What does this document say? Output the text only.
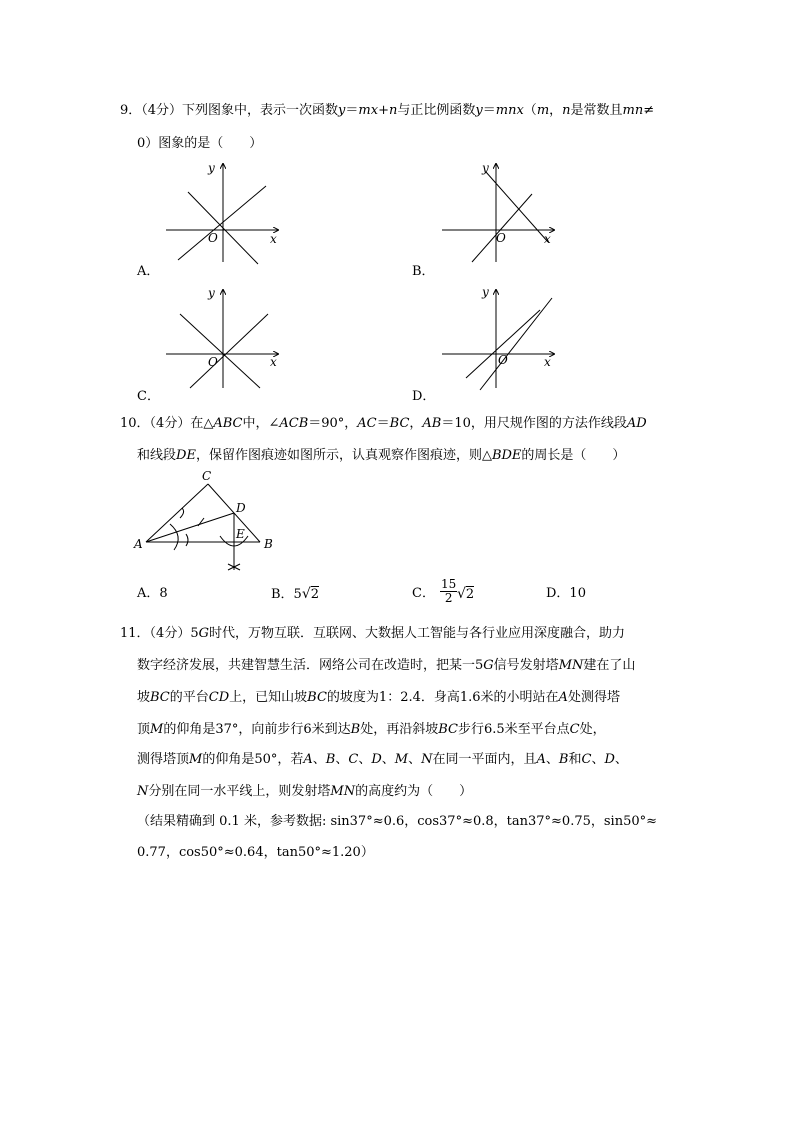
9．（4分）下列图象中，表示一次函数y＝mx+n与正比例函数y＝mnx（m，n是常数且mn≠
0）图象的是（　　）
y
O	x
A．
y
O	x
B．
y
O	x
C．
y
O	x
D．
10．（4分）在△ABC中，∠ACB＝90°，AC＝BC，AB＝10，用尺规作图的方法作线段AD
和线段DE，保留作图痕迹如图所示，认真观察作图痕迹，则△BDE的周长是（　　）
C
D
E
A	B
A．8	B．5√2	C． $\frac{15}{2} √2$	D．10
11．（4分）5G时代，万物互联．互联网、大数据人工智能与各行业应用深度融合，助力
数字经济发展，共建智慧生活．网络公司在改造时，把某一5G信号发射塔MN建在了山
坡BC的平台CD上，已知山坡BC的坡度为1：2.4．身高1.6米的小明站在A处测得塔
顶M的仰角是37°，向前步行6米到达B处，再沿斜坡BC步行6.5米至平台点C处，
测得塔顶M的仰角是50°，若A、B、C、D、M、N在同一平面内，且A、B和C、D、
N分别在同一水平线上，则发射塔MN的高度约为（　　）
（结果精确到 0.1 米，参考数据: sin37°≈0.6，cos37°≈0.8，tan37°≈0.75，sin50°≈
0.77，cos50°≈0.64，tan50°≈1.20）
